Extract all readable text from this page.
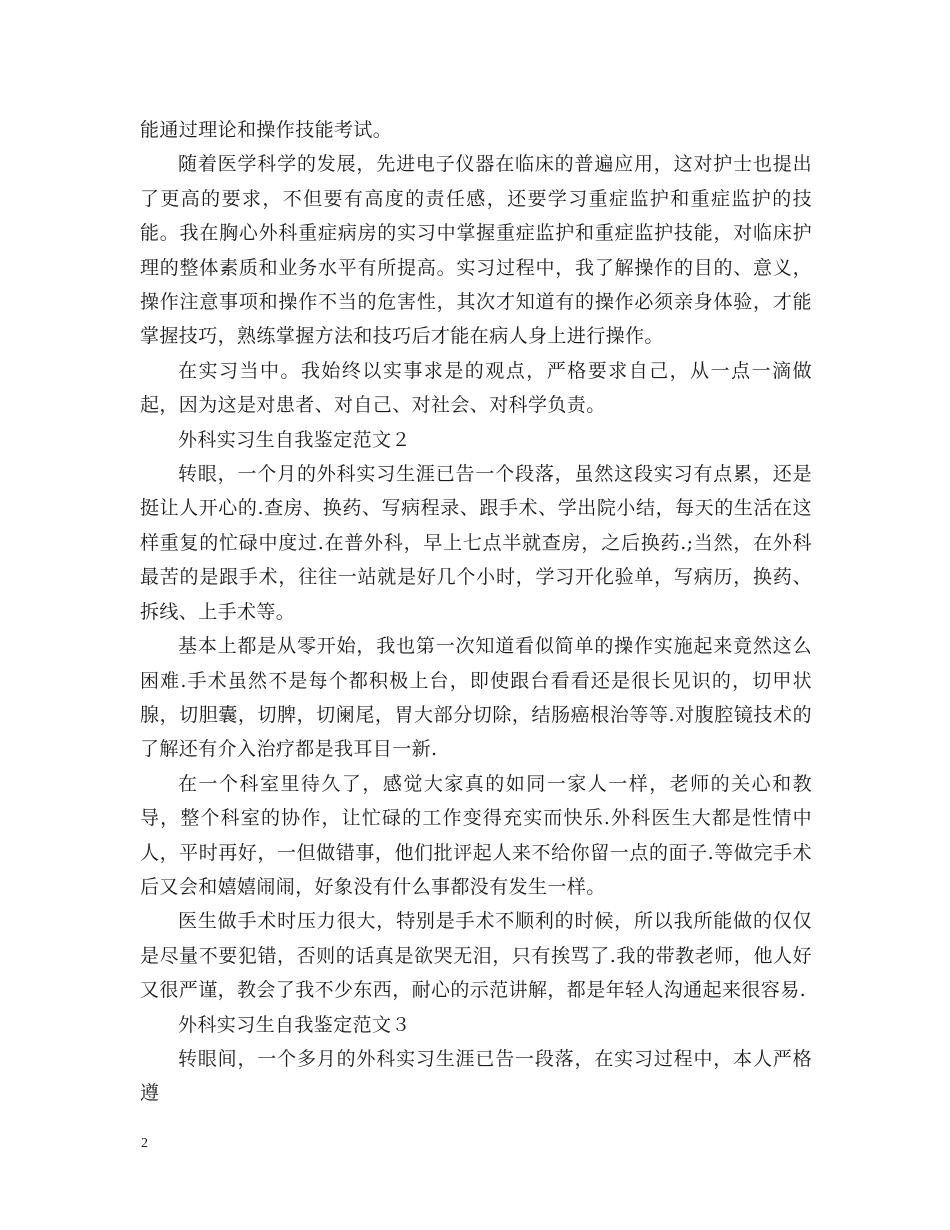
能通过理论和操作技能考试。

随着医学科学的发展，先进电子仪器在临床的普遍应用，这对护士也提出了更高的要求，不但要有高度的责任感，还要学习重症监护和重症监护的技能。我在胸心外科重症病房的实习中掌握重症监护和重症监护技能，对临床护理的整体素质和业务水平有所提高。实习过程中，我了解操作的目的、意义，操作注意事项和操作不当的危害性，其次才知道有的操作必须亲身体验，才能掌握技巧，熟练掌握方法和技巧后才能在病人身上进行操作。

在实习当中。我始终以实事求是的观点，严格要求自己，从一点一滴做起，因为这是对患者、对自己、对社会、对科学负责。

外科实习生自我鉴定范文２

转眼，一个月的外科实习生涯已告一个段落，虽然这段实习有点累，还是挺让人开心的.查房、换药、写病程录、跟手术、学出院小结，每天的生活在这样重复的忙碌中度过.在普外科，早上七点半就查房，之后换药.;当然，在外科最苦的是跟手术，往往一站就是好几个小时，学习开化验单，写病历，换药、拆线、上手术等。

基本上都是从零开始，我也第一次知道看似简单的操作实施起来竟然这么困难.手术虽然不是每个都积极上台，即使跟台看看还是很长见识的，切甲状腺，切胆囊，切脾，切阑尾，胃大部分切除，结肠癌根治等等.对腹腔镜技术的了解还有介入治疗都是我耳目一新.

在一个科室里待久了，感觉大家真的如同一家人一样，老师的关心和教导，整个科室的协作，让忙碌的工作变得充实而快乐.外科医生大都是性情中人，平时再好，一但做错事，他们批评起人来不给你留一点的面子.等做完手术后又会和嬉嬉闹闹，好象没有什么事都没有发生一样。

医生做手术时压力很大，特别是手术不顺利的时候，所以我所能做的仅仅是尽量不要犯错，否则的话真是欲哭无泪，只有挨骂了.我的带教老师，他人好又很严谨，教会了我不少东西，耐心的示范讲解，都是年轻人沟通起来很容易.

外科实习生自我鉴定范文３

转眼间，一个多月的外科实习生涯已告一段落，在实习过程中，本人严格遵

2
